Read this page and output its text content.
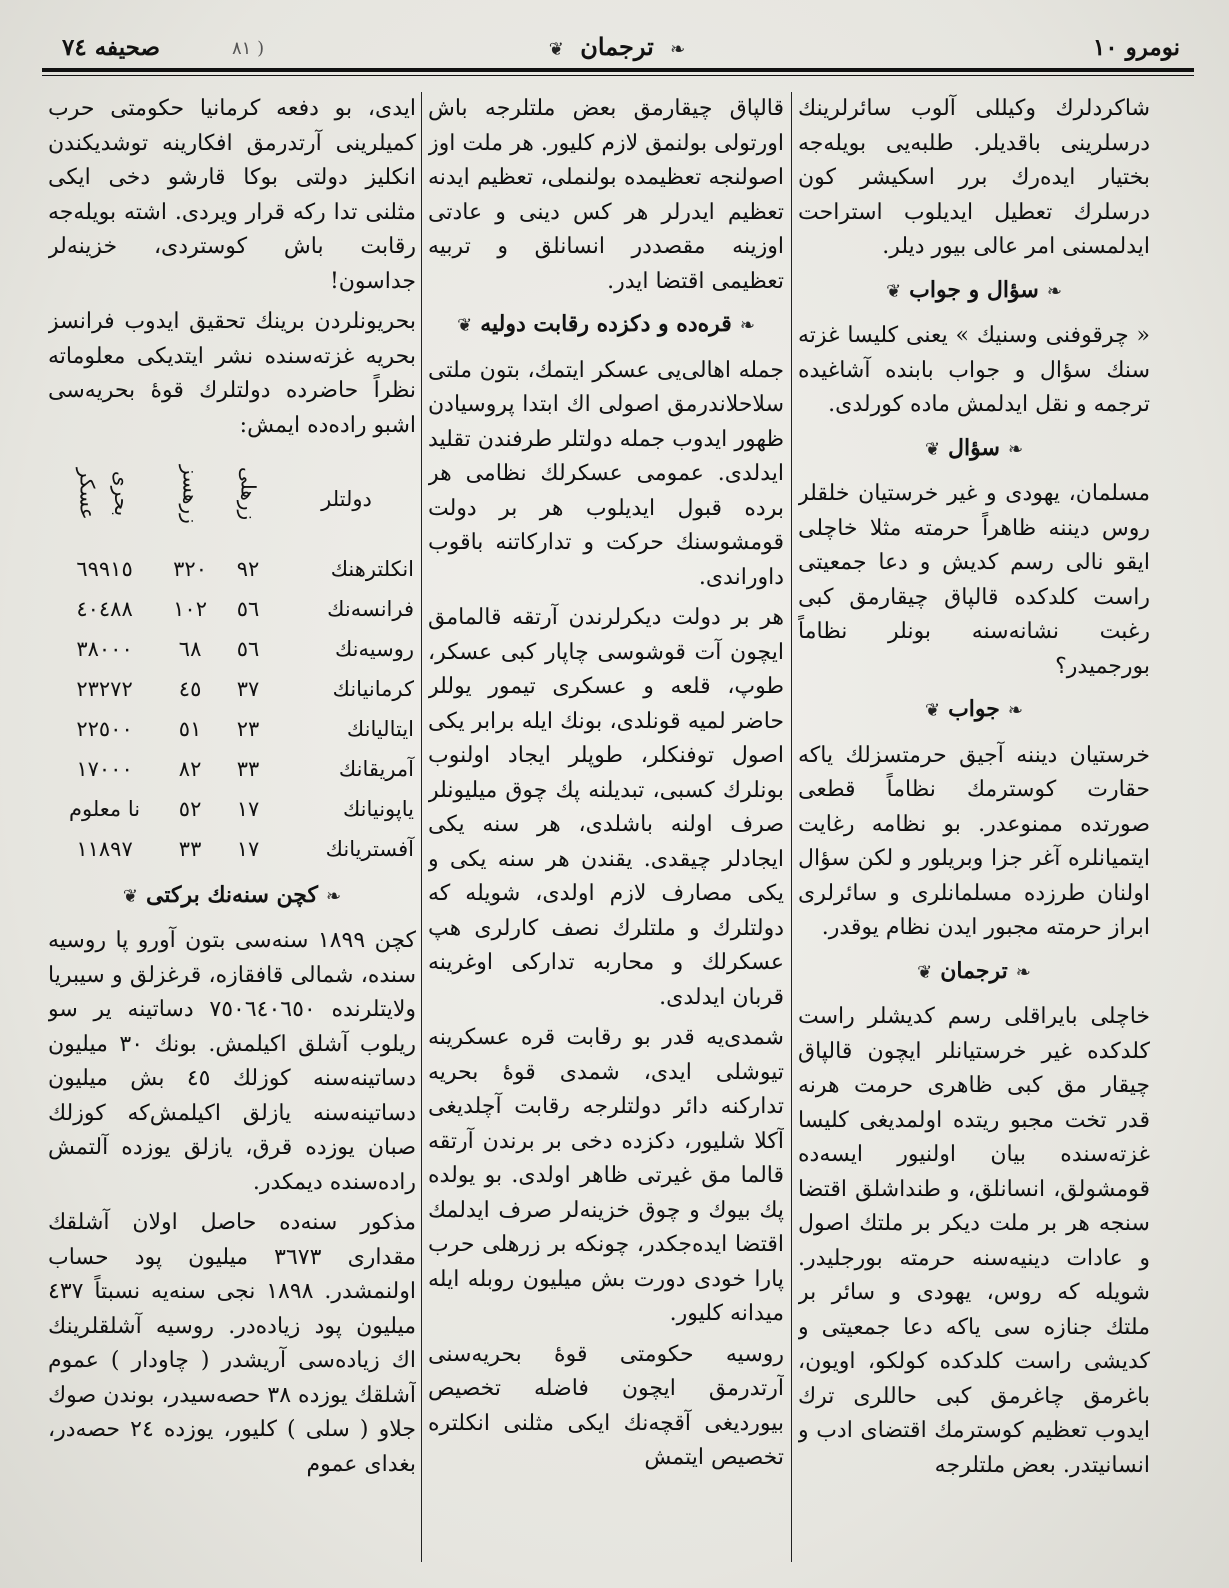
نومرو ١٠
❧ ترجمان ❦
( ٨١
صحیفه ٧٤

شاکردلرك وکیللی آلوب سائرلرینك درسلرینی باقدیلر. طلبه‌یی بویله‌جه بختیار ایده‌رك برر اسکیشر کون درسلرك تعطیل ایدیلوب استراحت ایدلمسنی امر عالی بیور دیلر.

❧سؤال و جواب❦

« چرقوفنی وسنیك » یعنی کلیسا غزته سنك سؤال و جواب بابنده آشاغیده ترجمه و نقل ایدلمش ماده کورلدی.

❧سؤال❦

مسلمان، یهودی و غیر خرستیان خلقلر روس دیننه ظاهراً حرمته مثلا خاچلی ایقو نالی رسم کدیش و دعا جمعیتی راست کلدکده قالپاق چیقارمق کبی رغبت نشانه‌سنه بونلر نظاماً بورجمیدر؟

❧جواب❦

خرستیان دیننه آجیق حرمتسزلك یاکه حقارت کوسترمك نظاماً قطعی صورتده ممنوعدر. بو نظامه رغایت ایتمیانلره آغر جزا وبریلور و لکن سؤال اولنان طرزده مسلمانلری و سائرلری ابراز حرمته مجبور ایدن نظام یوقدر.

❧ترجمان❦

خاچلی بایراقلی رسم کدیشلر راست کلدکده غیر خرستیانلر ایچون قالپاق چیقار مق کبی ظاهری حرمت هرنه قدر تخت مجبو ریتده اولمدیغی کلیسا غزته‌سنده بیان اولنیور ایسه‌ده قومشولق، انسانلق، و طنداشلق اقتضا سنجه هر بر ملت دیکر بر ملتك اصول و عادات دینیه‌سنه حرمته بورجلیدر. شویله که روس، یهودی و سائر بر ملتك جنازه سی یاکه دعا جمعیتی و کدیشی راست کلدکده کولکو، اویون، باغرمق چاغرمق کبی حاللری ترك ایدوب تعظیم کوسترمك اقتضای ادب و انسانیتدر. بعض ملتلرجه

قالپاق چیقارمق بعض ملتلرجه باش اورتولی بولنمق لازم کلیور. هر ملت اوز اصولنجه تعظیمده بولنملی، تعظیم ایدنه تعظیم ایدرلر هر کس دینی و عادتی اوزینه مقصددر انسانلق و تربیه تعظیمی اقتضا ایدر.

❧قره‌ده و دکزده رقابت دولیه❦

جمله اهالی‌یی عسکر ایتمك، بتون ملتی سلاحلاندرمق اصولی اك ابتدا پروسیادن ظهور ایدوب جمله دولتلر طرفندن تقلید ایدلدی. عمومی عسکرلك نظامی هر برده قبول ایدیلوب هر بر دولت قومشوسنك حرکت و تدارکاتنه باقوب داوراندی.

هر بر دولت دیکرلرندن آرتقه قالمامق ایچون آت قوشوسی چاپار کبی عسکر، طوپ، قلعه و عسکری تیمور یوللر حاضر لمیه قونلدی، بونك ایله برابر یکی اصول توفنکلر، طوپلر ایجاد اولنوب بونلرك کسبی، تبدیلنه پك چوق میلیونلر صرف اولنه باشلدی، هر سنه یکی ایجادلر چیقدی. یقندن هر سنه یکی و یکی مصارف لازم اولدی، شویله که دولتلرك و ملتلرك نصف کارلری هپ عسکرلك و محاربه تدارکی اوغرینه قربان ایدلدی.

شمدی‌یه قدر بو رقابت قره عسکرینه تیوشلی ایدی، شمدی قوهٔ بحریه تدارکنه دائر دولتلرجه رقابت آچلدیغی آکلا شلیور، دکزده دخی بر برندن آرتقه قالما مق غیرتی ظاهر اولدی. بو یولده پك بیوك و چوق خزینه‌لر صرف ایدلمك اقتضا ایده‌جکدر، چونکه بر زرهلی حرب پارا خودی دورت بش میلیون روبله ایله میدانه کلیور.

روسیه حکومتی قوهٔ بحریه‌سنی آرتدرمق ایچون فاضله تخصیص بیوردیغی آقچه‌نك ایکی مثلنی انکلتره تخصیص ایتمش

ایدی، بو دفعه کرمانیا حکومتی حرب کمیلرینی آرتدرمق افکارینه توشدیکندن انکلیز دولتی بوکا قارشو دخی ایکی مثلنی تدا رکه قرار ویردی. اشته بویله‌جه رقابت باش کوستردی، خزینه‌لر جداسون!

بحریونلردن برینك تحقیق ایدوب فرانسز بحریه غزته‌سنده نشر ایتدیکی معلوماته نظراً حاضرده دولتلرك قوهٔ بحریه‌سی اشبو راده‌ده ایمش:

دولتلر	زرهلی	زرهسز	بحری عسکر
انکلترهنك	٩٢	٣٢٠	٦٩٩١٥
فرانسه‌نك	٥٦	١٠٢	٤٠٤٨٨
روسیه‌نك	٥٦	٦٨	٣٨٠٠٠
کرمانیانك	٣٧	٤٥	٢٣٢٧٢
ایتالیانك	٢٣	٥١	٢٢٥٠٠
آمریقانك	٣٣	٨٢	١٧٠٠٠
یاپونیانك	١٧	٥٢	نا معلوم
آفستریانك	١٧	٣٣	١١٨٩٧
❧کچن سنه‌نك برکتی❦

کچن ١٨٩٩ سنه‌سی بتون آورو پا روسیه سنده، شمالی قافقازه، قرغزلق و سیبریا ولایتلرنده ٧٥٠٦٤٠٦٥٠ دساتینه یر سو ریلوب آشلق اکیلمش. بونك ٣٠ میلیون دساتینه‌سنه کوزلك ٤٥ بش میلیون دساتینه‌سنه یازلق اکیلمش‌که کوزلك صبان یوزده قرق، یازلق یوزده آلتمش راده‌سنده دیمکدر.

مذکور سنه‌ده حاصل اولان آشلقك مقداری ٣٦٧٣ میلیون پود حساب اولنمشدر. ١٨٩٨ نجی سنه‌یه نسبتاً ٤٣٧ میلیون پود زیاده‌در. روسیه آشلقلرینك اك زیاده‌سی آریشدر ( چاودار ) عموم آشلقك یوزده ٣٨ حصه‌سیدر، بوندن صوك جلاو ( سلی ) کلیور، یوزده ٢٤ حصه‌در، بغدای عموم
